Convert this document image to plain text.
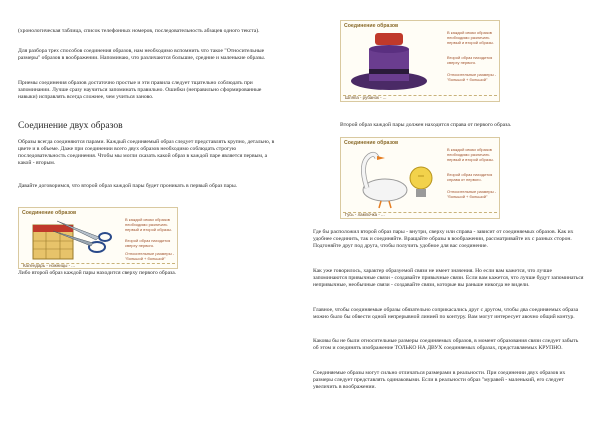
(хронологическая таблица, список телефонных номеров, последовательность абзацев одного текста).

Для разбора трех способов соединения образов, нам необходимо вспомнить что такое "Относительные размеры" образов в воображении. Напоминаю, что различаются большие, средние и маленькие образы.

Приемы соединения образов достаточно простые и эти правила следует тщательно соблюдать при запоминании. Лучше сразу научиться запоминать правильно. Ошибки (неправильно сформированные навыки) исправлять всегда сложнее, чем учиться заново.

Соединение двух образов

Образы всегда соединяются парами. Каждый соединяемый образ следует представлять крупно, детально, в цвете и в объеме. Даже при соединении всего двух образов необходимо соблюдать строгую последовательность соединения. Чтобы мы могли сказать какой образ в каждой паре является первым, а какой - вторым.

Давайте договоримся, что второй образ каждой пары будет проникать в первый образ пары.

Либо второй образ каждой пары находится сверху первого образа.

Соединение образов
Календарь - ножницы - ...
В каждой связи образов необходимо различать первый и второй образы.
Второй образ находится сверху первого.
Относительные размеры - "большой + большой"
Соединение образов
Шляпа - рубанок - ...
В каждой связи образов необходимо различать первый и второй образы.
Второй образ находится сверху первого.
Относительные размеры - "большой + большой"

Второй образ каждой пары должен находится справа от первого образа.

Соединение образов
Гусь - лампочка - ...
В каждой связи образов необходимо различать первый и второй образы.
Второй образ находится справа от первого.
Относительные размеры - "большой + большой"

Где бы расположил второй образ пары - внутри, сверху или справа - зависит от соединяемых образов. Как их удобнее соединить, так и соединяйте. Вращайте образы в воображении, рассматривайте их с разных сторон. Подгоняйте друг под друга, чтобы получить удобное для вас соединение.

Как уже говорилось, характер образуемой связи не имеет значения. Но если вам кажется, что лучше запоминаются привычные связи - создавайте привычные связи. Если вам кажется, что лучше будут запоминаться непривычные, необычные связи - создавайте связи, которые вы раньше никогда не видели.

Главное, чтобы соединяемые образы обязательно соприкасались друг с другом, чтобы два соединяемых образа можно было бы обвести одной непрерывной линией по контуру. Вам могут интересует авочно общий контур.

Каковы бы не были относительные размеры соединяемых образов, в момент образования связи следует забыть об этом и соединять изображение ТОЛЬКО НА ДВУХ соединяемых образах, представляемых КРУПНО.

Соединяемые образы могут сильно отличаться размерами в реальности. При соединении двух образов их размеры следует представлять одинаковыми. Если в реальности образ "муравей - маленький, его следует увеличить в воображении.
